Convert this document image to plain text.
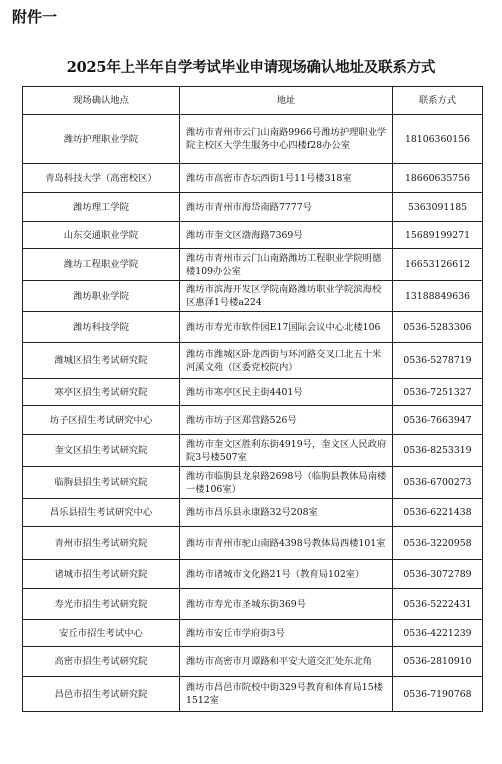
附件一
2025年上半年自学考试毕业申请现场确认地址及联系方式
现场确认地点	地址	联系方式
潍坊护理职业学院	潍坊市青州市云门山南路9966号潍坊护理职业学院主校区大学生服务中心四楼f28办公室	18106360156
青岛科技大学（高密校区）	潍坊市高密市杏坛西街1号11号楼318室	18660635756
潍坊理工学院	潍坊市青州市海岱南路7777号	5363091185
山东交通职业学院	潍坊市奎文区渤海路7369号	15689199271
潍坊工程职业学院	潍坊市青州市云门山南路潍坊工程职业学院明德楼109办公室	16653126612
潍坊职业学院	潍坊市滨海开发区学院南路潍坊职业学院滨海校区惠泽1号楼a224	13188849636
潍坊科技学院	潍坊市寿光市软件园E17国际会议中心北楼106	0536-5283306
潍城区招生考试研究院	潍坊市潍城区卧龙西街与环河路交叉口北五十米河溪文苑（区委党校院内）	0536-5278719
寒亭区招生考试研究院	潍坊市寒亭区民主街4401号	0536-7251327
坊子区招生考试研究中心	潍坊市坊子区郑营路526号	0536-7663947
奎文区招生考试研究院	潍坊市奎文区胜利东街4919号，奎文区人民政府院3号楼507室	0536-8253319
临朐县招生考试研究院	潍坊市临朐县龙泉路2698号（临朐县教体局南楼一楼106室）	0536-6700273
昌乐县招生考试研究中心	潍坊市昌乐县永康路32号208室	0536-6221438
青州市招生考试研究院	潍坊市青州市驼山南路4398号教体局西楼101室	0536-3220958
诸城市招生考试研究院	潍坊市诸城市文化路21号（教育局102室）	0536-3072789
寿光市招生考试研究院	潍坊市寿光市圣城东街369号	0536-5222431
安丘市招生考试中心	潍坊市安丘市学府街3号	0536-4221239
高密市招生考试研究院	潍坊市高密市月谭路和平安大道交汇处东北角	0536-2810910
昌邑市招生考试研究院	潍坊市昌邑市院校中街329号教育和体育局15楼1512室	0536-7190768
